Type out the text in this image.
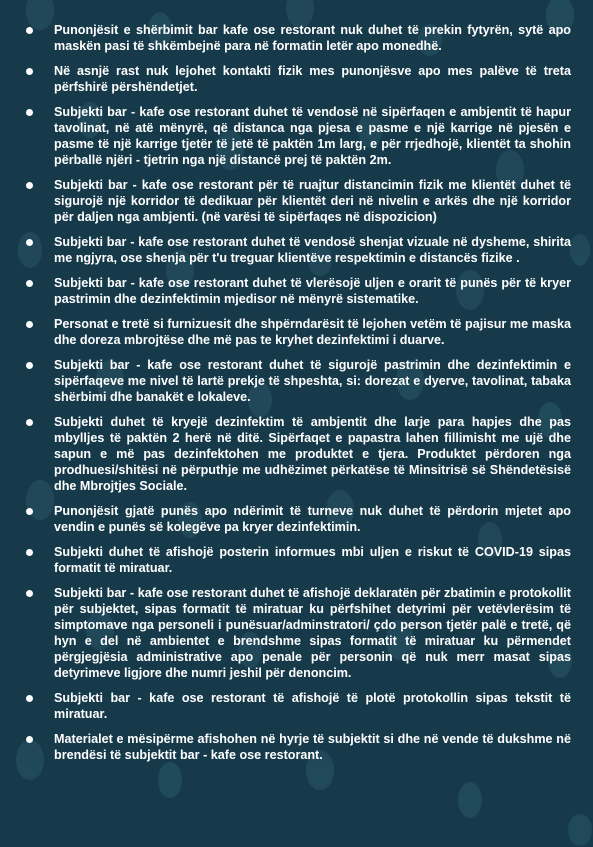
Punonjësit e shërbimit bar kafe ose restorant nuk duhet të prekin fytyrën, sytë apo maskën pasi të shkëmbejnë para në formatin letër apo monedhë.
Në asnjë rast nuk lejohet kontakti fizik mes punonjësve apo mes palëve të treta përfshirë përshëndetjet.
Subjekti bar - kafe ose restorant duhet të vendosë në sipërfaqen e ambjentit të hapur tavolinat, në atë mënyrë, që distanca nga pjesa e pasme e një karrige në pjesën e pasme të një karrige tjetër të jetë të paktën 1m larg, e për rrjedhojë, klientët ta shohin përballë njëri - tjetrin nga një distancë prej të paktën 2m.
Subjekti bar - kafe ose restorant për të ruajtur distancimin fizik me klientët duhet të sigurojë një korridor të dedikuar për klientët deri në nivelin e arkës dhe një korridor për daljen nga ambjenti. (në varësi të sipërfaqes në dispozicion)
Subjekti bar - kafe ose restorant duhet të vendosë shenjat vizuale në dysheme, shirita me ngjyra, ose shenja për t'u treguar klientëve respektimin e distancës fizike .
Subjekti bar - kafe ose restorant duhet të vlerësojë uljen e orarit të punës për të kryer pastrimin dhe dezinfektimin mjedisor në mënyrë sistematike.
Personat e tretë si furnizuesit dhe shpërndarësit të lejohen vetëm të pajisur me maska dhe doreza mbrojtëse dhe më pas te kryhet dezinfektimi i duarve.
Subjekti bar - kafe ose restorant duhet të sigurojë pastrimin dhe dezinfektimin e sipërfaqeve me nivel të lartë prekje të shpeshta, si: dorezat e dyerve, tavolinat, tabaka shërbimi dhe banakët e lokaleve.
Subjekti duhet të kryejë dezinfektim të ambjentit dhe larje para hapjes dhe pas mbylljes të paktën 2 herë në ditë. Sipërfaqet e papastra lahen fillimisht me ujë dhe sapun e më pas dezinfektohen me produktet e tjera. Produktet përdoren nga prodhuesi/shitësi në përputhje me udhëzimet përkatëse të Minsitrisë së Shëndetësisë dhe Mbrojtjes Sociale.
Punonjësit gjatë punës apo ndërimit të turneve nuk duhet të përdorin mjetet apo vendin e punës së kolegëve pa kryer dezinfektimin.
Subjekti duhet të afishojë posterin informues mbi uljen e riskut të COVID-19 sipas formatit të miratuar.
Subjekti bar - kafe ose restorant duhet të afishojë deklaratën për zbatimin e protokollit për subjektet, sipas formatit të miratuar ku përfshihet detyrimi për vetëvlerësim të simptomave nga personeli i punësuar/adminstratori/ çdo person tjetër palë e tretë, që hyn e del në ambientet e brendshme sipas formatit të miratuar ku përmendet përgjegjësia administrative apo penale për personin që nuk merr masat sipas detyrimeve ligjore dhe numri jeshil për denoncim.
Subjekti bar - kafe ose restorant të afishojë të plotë protokollin sipas tekstit të miratuar.
Materialet e mësipërme afishohen në hyrje të subjektit si dhe në vende të dukshme në brendësi të subjektit bar - kafe ose restorant.
